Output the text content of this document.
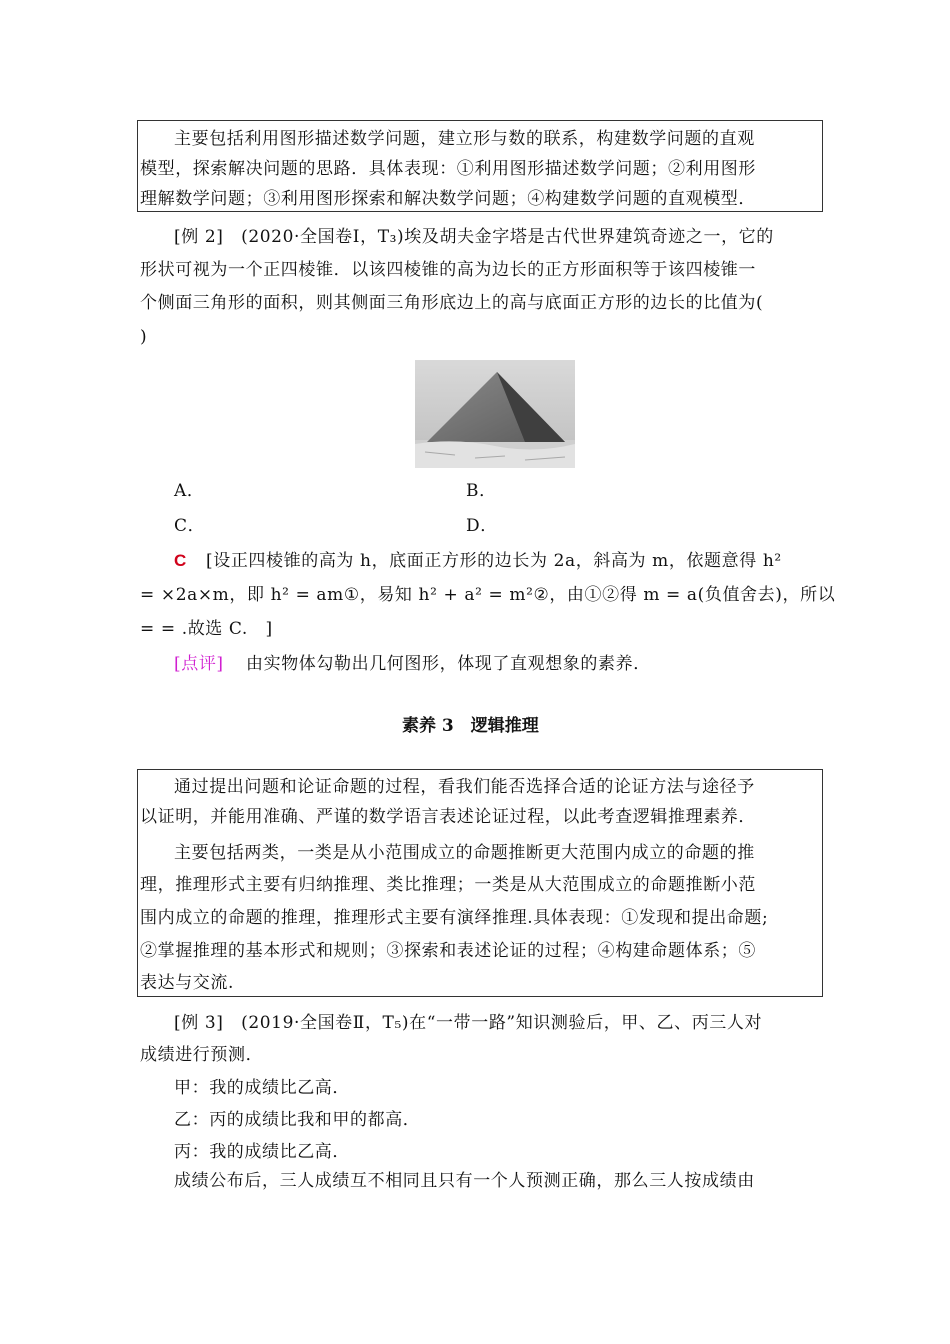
主要包括利用图形描述数学问题，建立形与数的联系，构建数学问题的直观
模型，探索解决问题的思路．具体表现：①利用图形描述数学问题；②利用图形
理解数学问题；③利用图形探索和解决数学问题；④构建数学问题的直观模型．
[例 2]　(2020·全国卷Ⅰ，T₃)埃及胡夫金字塔是古代世界建筑奇迹之一，它的
形状可视为一个正四棱锥．以该四棱锥的高为边长的正方形面积等于该四棱锥一
个侧面三角形的面积，则其侧面三角形底边上的高与底面正方形的边长的比值为(
)
A．	B．
C．	D．
C [设正四棱锥的高为 h，底面正方形的边长为 2a，斜高为 m，依题意得 h²
= ×2a×m，即 h² = am①，易知 h² + a² = m²②，由①②得 m = a(负值舍去)，所以
= = .故选 C.　]
[点评] 由实物体勾勒出几何图形，体现了直观想象的素养．
素养 3　逻辑推理
通过提出问题和论证命题的过程，看我们能否选择合适的论证方法与途径予
以证明，并能用准确、严谨的数学语言表述论证过程，以此考查逻辑推理素养．
主要包括两类，一类是从小范围成立的命题推断更大范围内成立的命题的推
理，推理形式主要有归纳推理、类比推理；一类是从大范围成立的命题推断小范
围内成立的命题的推理，推理形式主要有演绎推理.具体表现：①发现和提出命题;
②掌握推理的基本形式和规则；③探索和表述论证的过程；④构建命题体系；⑤
表达与交流.
[例 3]　(2019·全国卷Ⅱ，T₅)在“一带一路”知识测验后，甲、乙、丙三人对
成绩进行预测．
甲：我的成绩比乙高．
乙：丙的成绩比我和甲的都高．
丙：我的成绩比乙高．
成绩公布后，三人成绩互不相同且只有一个人预测正确，那么三人按成绩由
